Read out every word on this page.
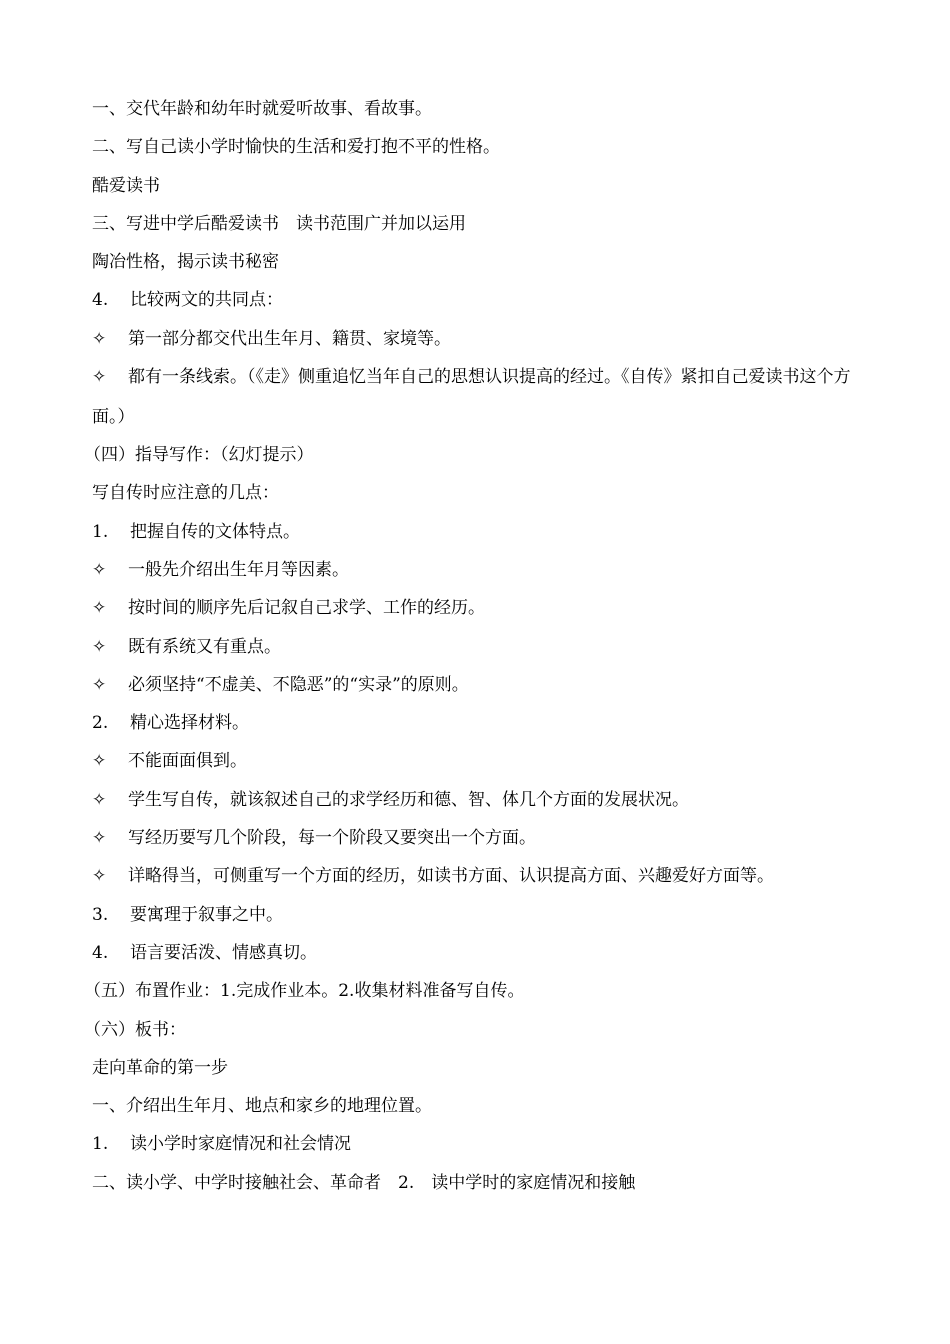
一、交代年龄和幼年时就爱听故事、看故事。
二、写自己读小学时愉快的生活和爱打抱不平的性格。
酷爱读书
三、写进中学后酷爱读书　读书范围广并加以运用
陶冶性格，揭示读书秘密
4. 比较两文的共同点：
✧ 第一部分都交代出生年月、籍贯、家境等。
✧ 都有一条线索。（《走》侧重追忆当年自己的思想认识提高的经过。《自传》紧扣自己爱读书这个方面。）
（四）指导写作：（幻灯提示）
写自传时应注意的几点：
1. 把握自传的文体特点。
✧ 一般先介绍出生年月等因素。
✧ 按时间的顺序先后记叙自己求学、工作的经历。
✧ 既有系统又有重点。
✧ 必须坚持“不虚美、不隐恶”的“实录”的原则。
2. 精心选择材料。
✧ 不能面面俱到。
✧ 学生写自传，就该叙述自己的求学经历和德、智、体几个方面的发展状况。
✧ 写经历要写几个阶段，每一个阶段又要突出一个方面。
✧ 详略得当，可侧重写一个方面的经历，如读书方面、认识提高方面、兴趣爱好方面等。
3. 要寓理于叙事之中。
4. 语言要活泼、情感真切。
（五）布置作业：1.完成作业本。2.收集材料准备写自传。
（六）板书：
走向革命的第一步
一、介绍出生年月、地点和家乡的地理位置。
1. 读小学时家庭情况和社会情况
二、读小学、中学时接触社会、革命者　2.　读中学时的家庭情况和接触
